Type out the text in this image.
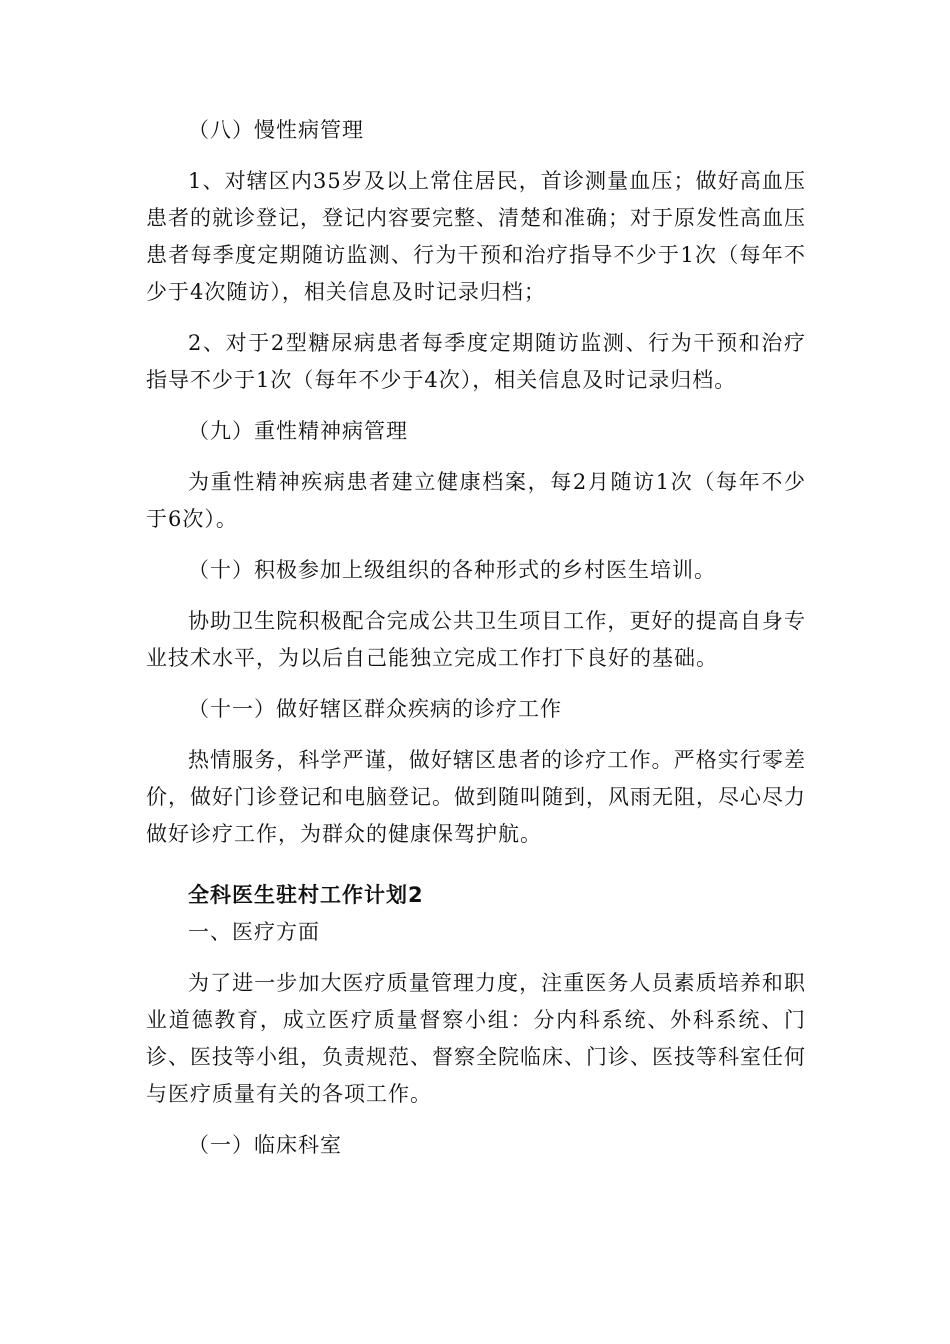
（八）慢性病管理

1、对辖区内35岁及以上常住居民，首诊测量血压；做好高血压患者的就诊登记，登记内容要完整、清楚和准确；对于原发性高血压患者每季度定期随访监测、行为干预和治疗指导不少于1次（每年不少于4次随访），相关信息及时记录归档；

2、对于2型糖尿病患者每季度定期随访监测、行为干预和治疗指导不少于1次（每年不少于4次），相关信息及时记录归档。

（九）重性精神病管理

为重性精神疾病患者建立健康档案，每2月随访1次（每年不少于6次）。

（十）积极参加上级组织的各种形式的乡村医生培训。

协助卫生院积极配合完成公共卫生项目工作，更好的提高自身专业技术水平，为以后自己能独立完成工作打下良好的基础。

（十一）做好辖区群众疾病的诊疗工作

热情服务，科学严谨，做好辖区患者的诊疗工作。严格实行零差价，做好门诊登记和电脑登记。做到随叫随到，风雨无阻，尽心尽力做好诊疗工作，为群众的健康保驾护航。

全科医生驻村工作计划2

一、医疗方面

为了进一步加大医疗质量管理力度，注重医务人员素质培养和职业道德教育，成立医疗质量督察小组：分内科系统、外科系统、门诊、医技等小组，负责规范、督察全院临床、门诊、医技等科室任何与医疗质量有关的各项工作。

（一）临床科室
